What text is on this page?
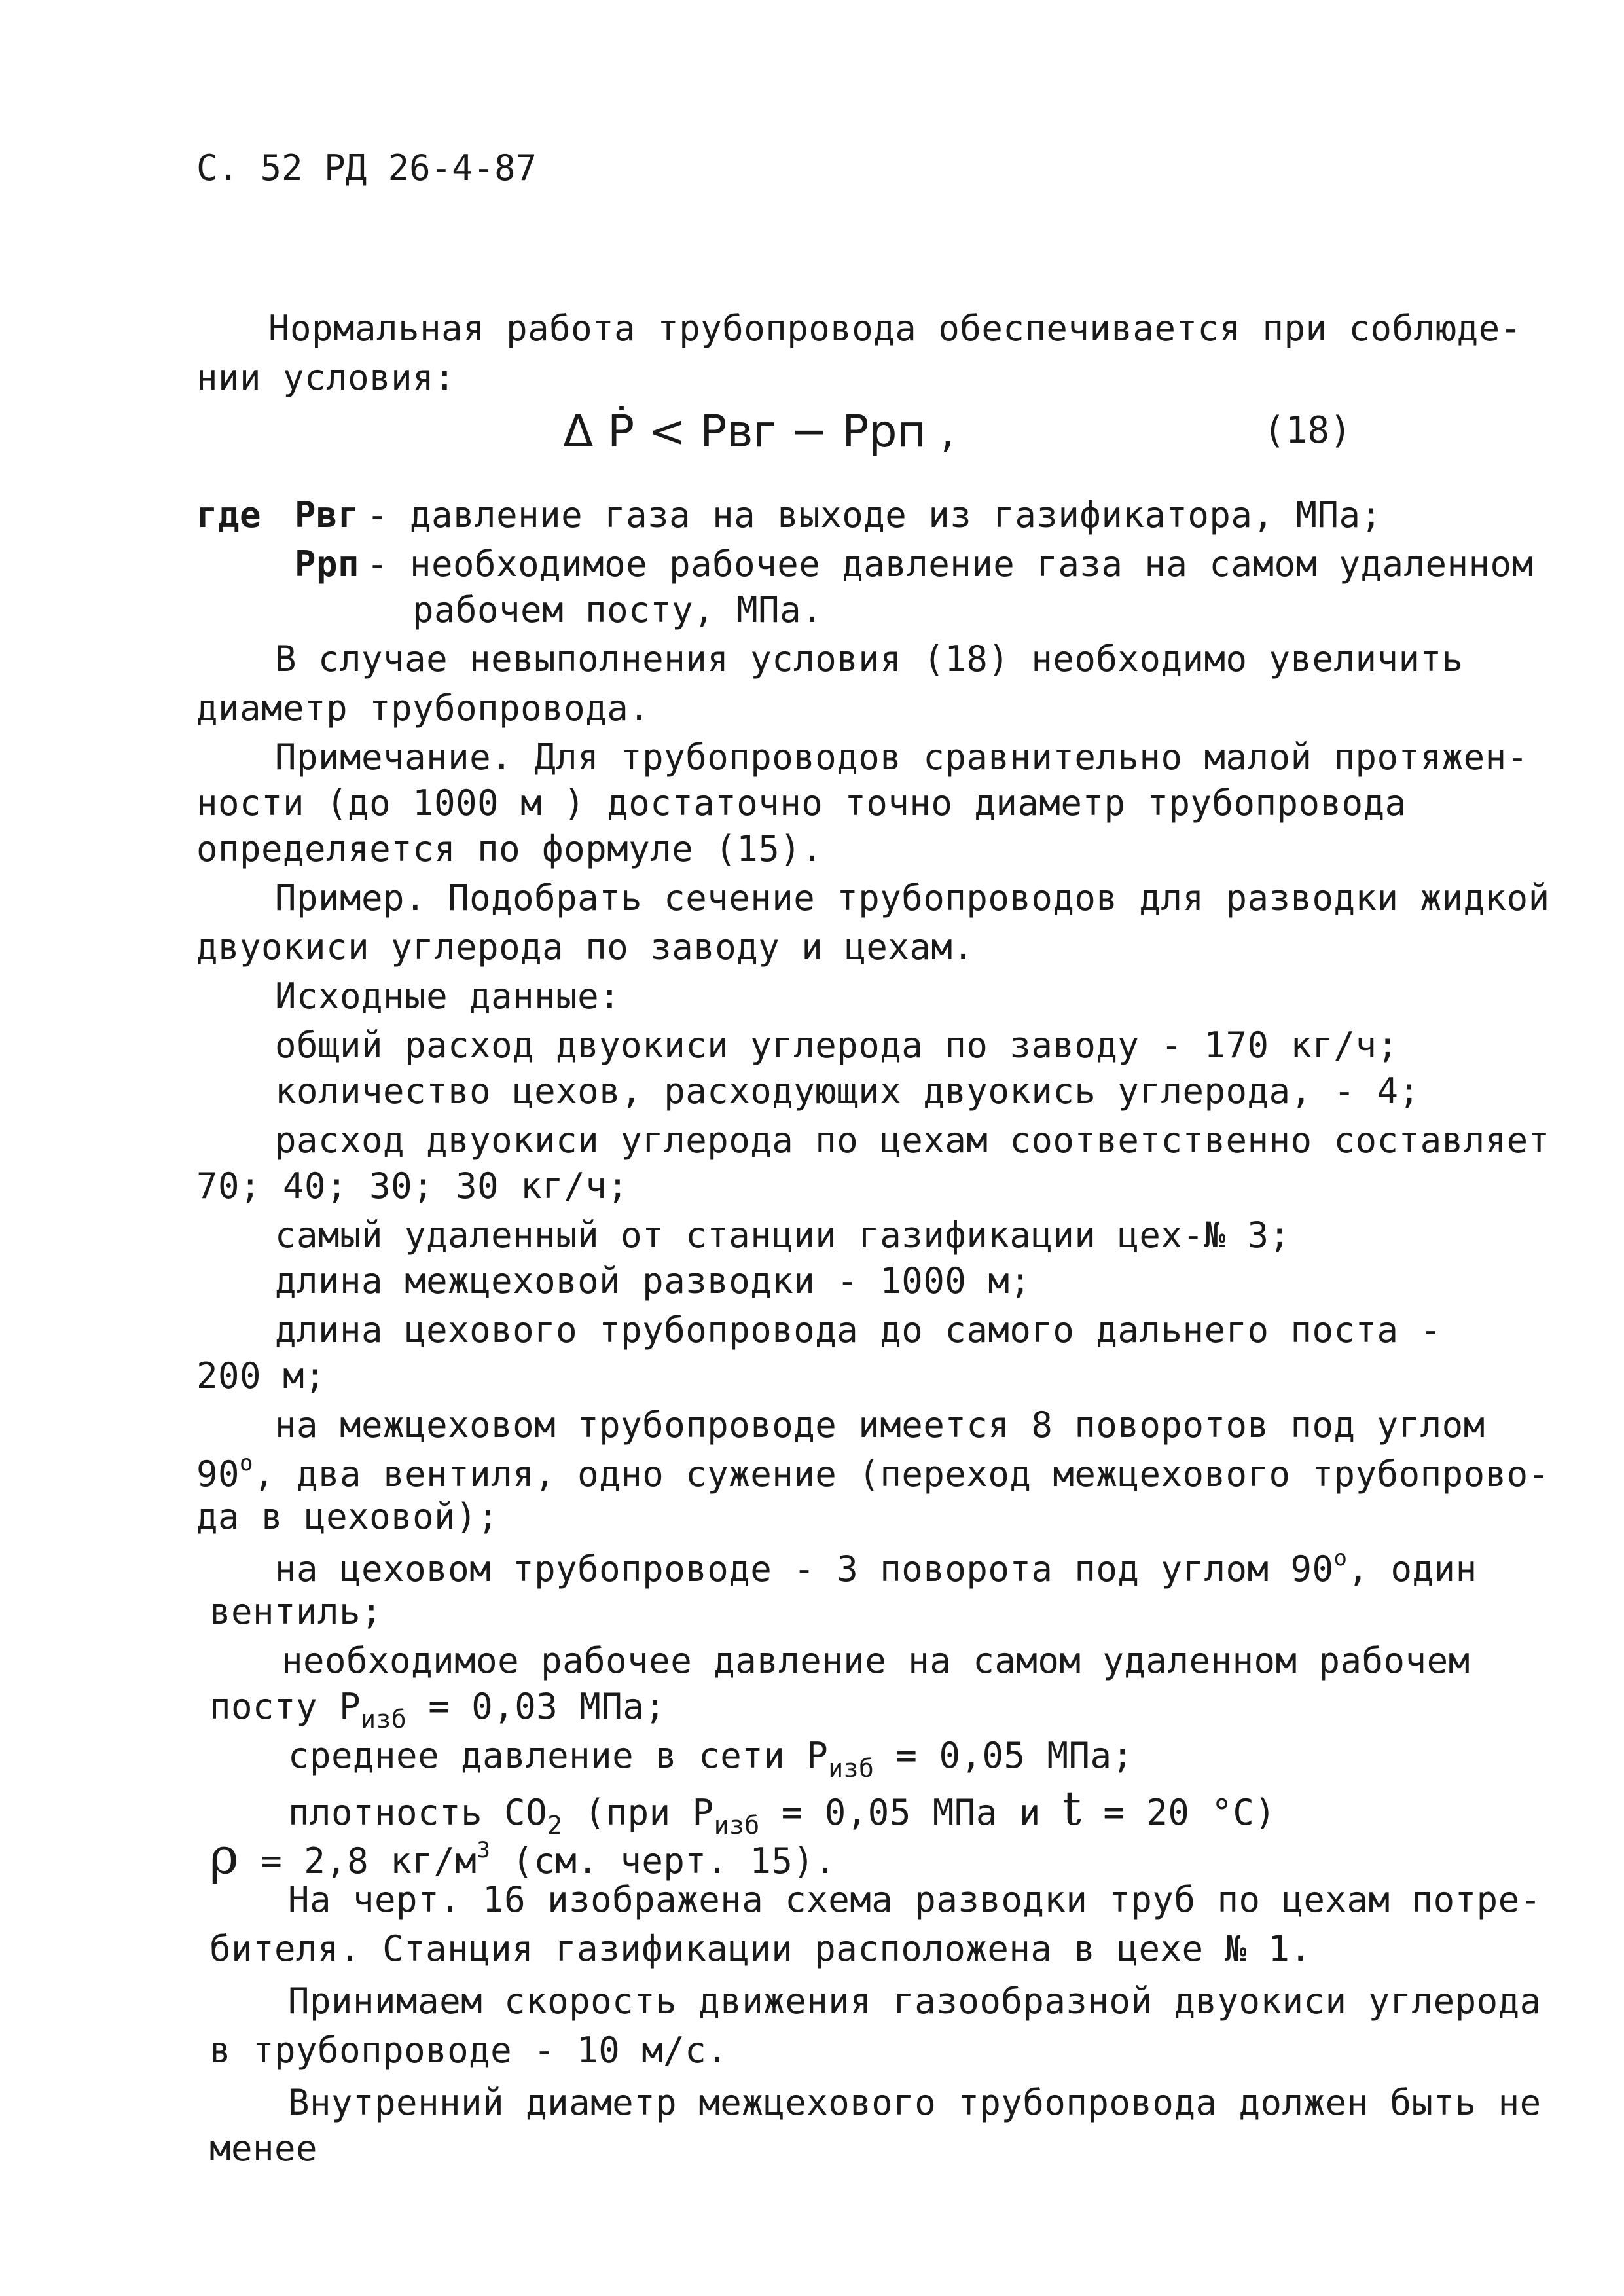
С. 52 РД 26-4-87
Нормальная работа трубопровода обеспечивается при соблюде-
нии условия:
Δ Ṗ < Pвг − Pрп ,	(18)
где Pвг - давление газа на выходе из газификатора, МПа;
Pрп - необходимое рабочее давление газа на самом удаленном
рабочем посту, МПа.
В случае невыполнения условия (18) необходимо увеличить
диаметр трубопровода.
Примечание. Для трубопроводов сравнительно малой протяжен-
ности (до 1000 м ) достаточно точно диаметр трубопровода
определяется по формуле (15).
Пример. Подобрать сечение трубопроводов для разводки жидкой
двуокиси углерода по заводу и цехам.
Исходные данные:
общий расход двуокиси углерода по заводу - 170 кг/ч;
количество цехов, расходующих двуокись углерода, - 4;
расход двуокиси углерода по цехам соответственно составляет
70; 40; 30; 30 кг/ч;
самый удаленный от станции газификации цех-№ 3;
длина межцеховой разводки - 1000 м;
длина цехового трубопровода до самого дальнего поста -
200 м;
на межцеховом трубопроводе имеется 8 поворотов под углом
$90^о$, два вентиля, одно сужение (переход межцехового трубопрово-
да в цеховой);
на цеховом трубопроводе - 3 поворота под углом $90^о$, один
вентиль;
необходимое рабочее давление на самом удаленном рабочем
посту $P_{изб} = 0,03$ МПа;
среднее давление в сети $P_{изб} = 0,05$ МПа;
плотность $CO_2$ (при $P_{изб} = 0,05$ МПа и t = 20 °C)
ρ = 2,8 $кг/м^3$ (см. черт. 15).
На черт. 16 изображена схема разводки труб по цехам потре-
бителя. Станция газификации расположена в цехе № 1.
Принимаем скорость движения газообразной двуокиси углерода
в трубопроводе - 10 м/с.
Внутренний диаметр межцехового трубопровода должен быть не
менее
